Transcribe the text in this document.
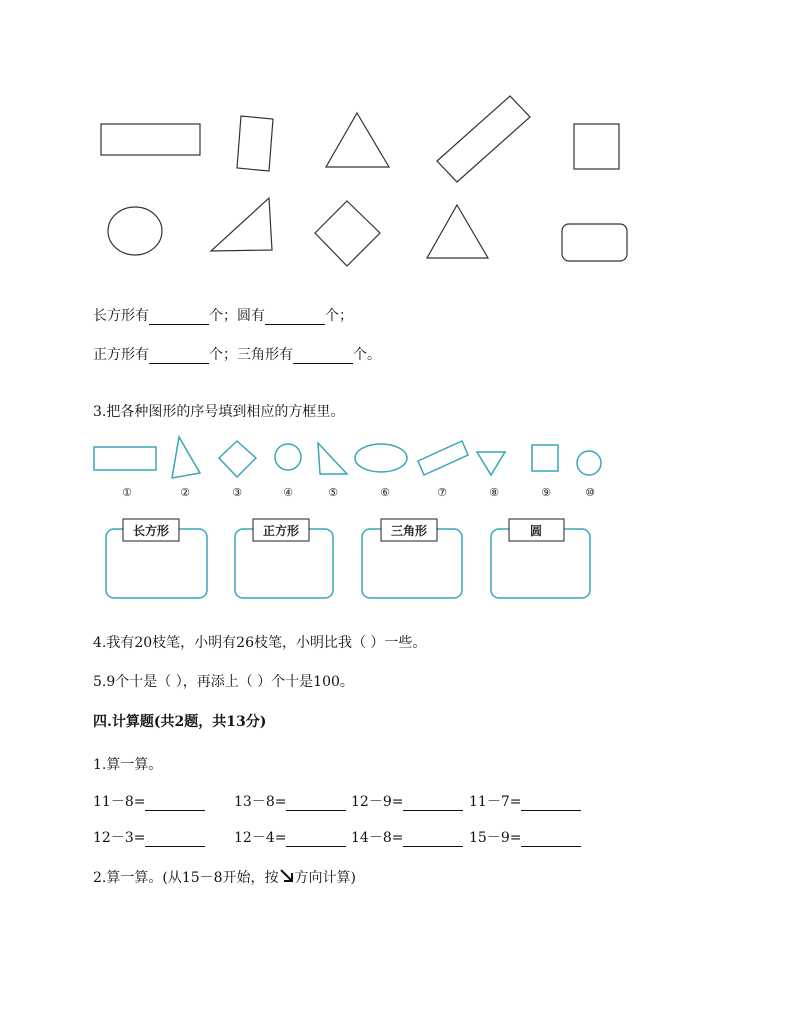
长方形有	个；圆有	个；
正方形有	个；三角形有	个。
3.把各种图形的序号填到相应的方框里。
长方形	正方形	三角形	圆
①	②	③	④	⑤	⑥	⑦	⑧	⑨	⑩
4.我有20枝笔，小明有26枝笔，小明比我（ ）一些。
5.9个十是（ ），再添上（ ）个十是100。
四.计算题(共2题，共13分)
1.算一算。
11－8=	13－8=	12－9=	11－7=
12－3=	12－4=	14－8=	15－9=
2.算一算。(从15－8开始，按 方向计算)
